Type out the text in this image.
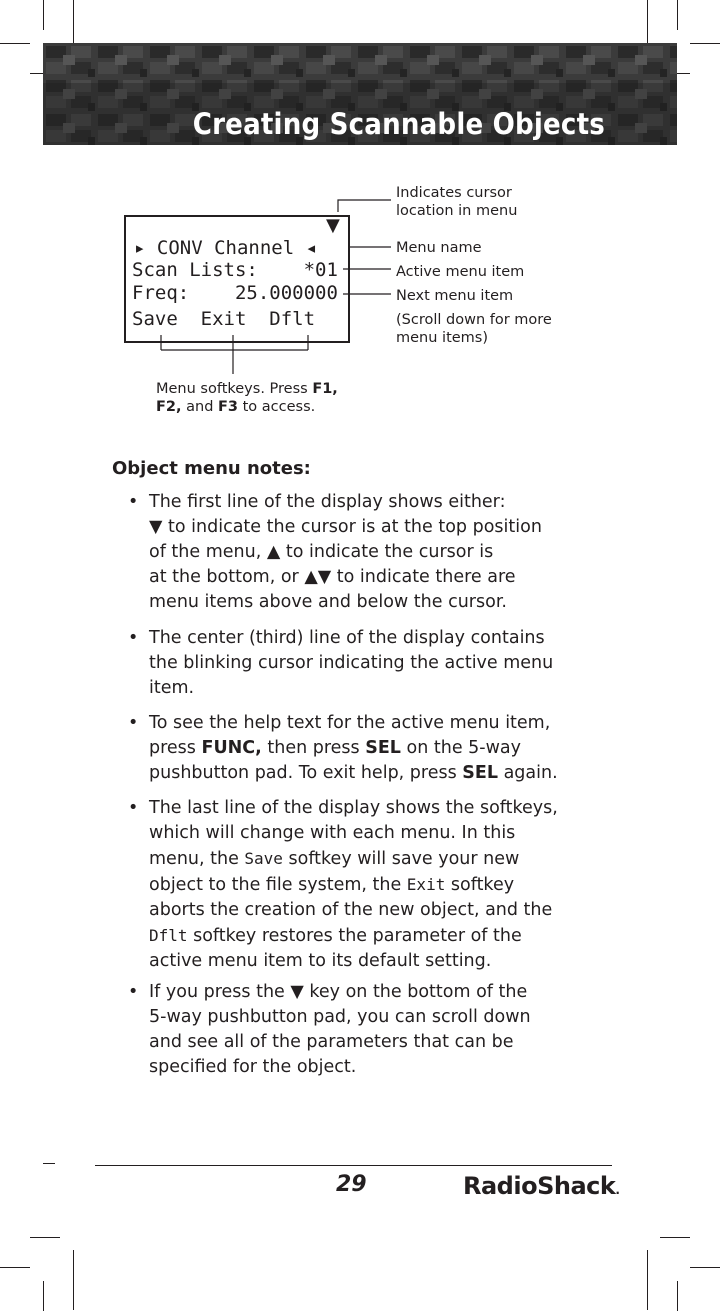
Creating Scannable Objects
▼
▸ CONV Channel ◂
Scan Lists:    *01
Freq:    25.000000
Save  Exit  Dflt
Indicates cursor
location in menu
Menu name
Active menu item
Next menu item
(Scroll down for more
menu items)
Menu softkeys. Press F1,
F2, and F3 to access.
Object menu notes:
• The first line of the display shows either:
▼ to indicate the cursor is at the top position
of the menu, ▲ to indicate the cursor is
at the bottom, or ▲▼ to indicate there are
menu items above and below the cursor.
• The center (third) line of the display contains
the blinking cursor indicating the active menu
item.
• To see the help text for the active menu item,
press FUNC, then press SEL on the 5-way
pushbutton pad. To exit help, press SEL again.
• The last line of the display shows the softkeys,
which will change with each menu. In this
menu, the Save softkey will save your new
object to the file system, the Exit softkey
aborts the creation of the new object, and the
Dflt softkey restores the parameter of the
active menu item to its default setting.
• If you press the ▼ key on the bottom of the
5-way pushbutton pad, you can scroll down
and see all of the parameters that can be
specified for the object.
29	RadioShack.
